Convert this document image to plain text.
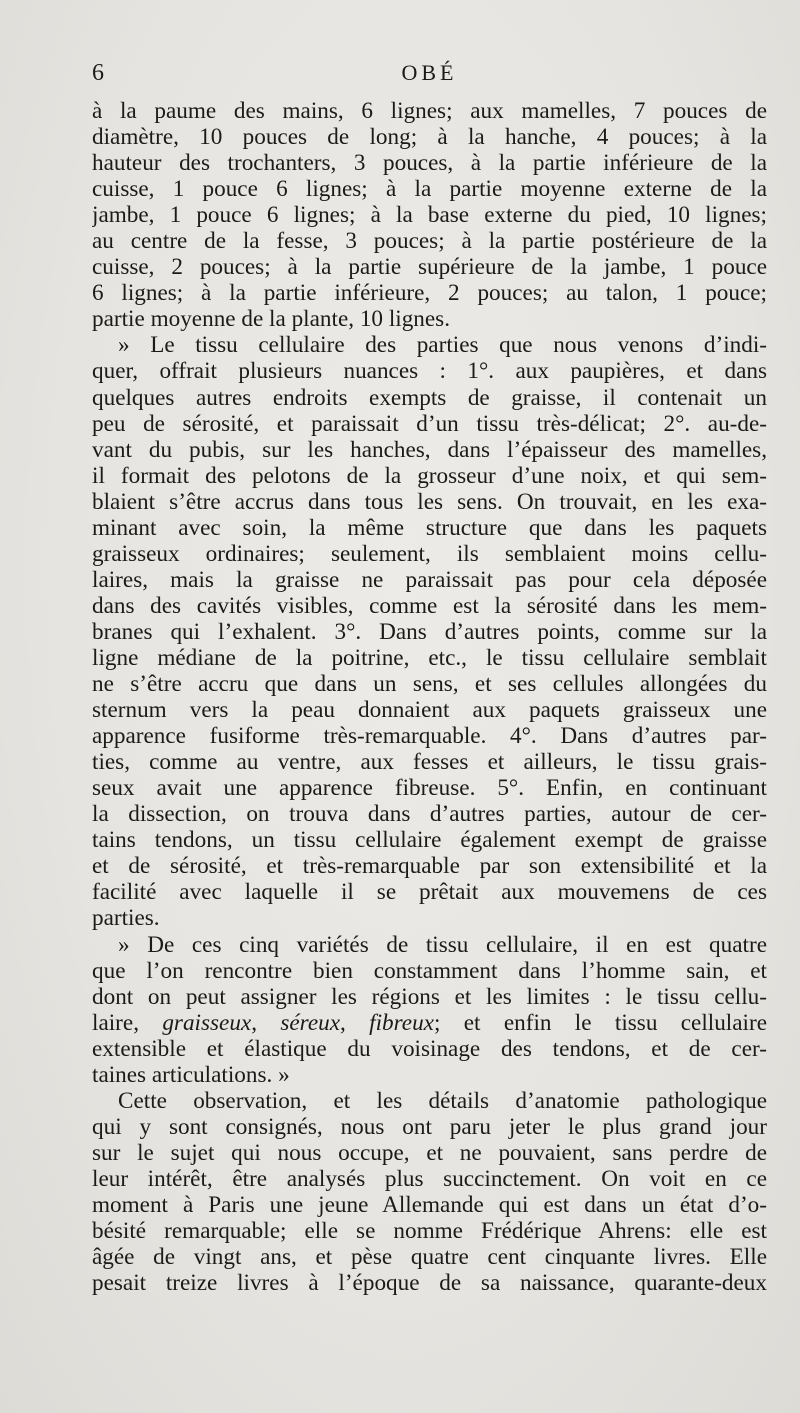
6	OBÉ
à la paume des mains, 6 lignes; aux mamelles, 7 pouces de
diamètre, 10 pouces de long; à la hanche, 4 pouces; à la
hauteur des trochanters, 3 pouces, à la partie inférieure de la
cuisse, 1 pouce 6 lignes; à la partie moyenne externe de la
jambe, 1 pouce 6 lignes; à la base externe du pied, 10 lignes;
au centre de la fesse, 3 pouces; à la partie postérieure de la
cuisse, 2 pouces; à la partie supérieure de la jambe, 1 pouce
6 lignes; à la partie inférieure, 2 pouces; au talon, 1 pouce;
partie moyenne de la plante, 10 lignes.
» Le tissu cellulaire des parties que nous venons d’indi-
quer, offrait plusieurs nuances : 1°. aux paupières, et dans
quelques autres endroits exempts de graisse, il contenait un
peu de sérosité, et paraissait d’un tissu très-délicat; 2°. au-de-
vant du pubis, sur les hanches, dans l’épaisseur des mamelles,
il formait des pelotons de la grosseur d’une noix, et qui sem-
blaient s’être accrus dans tous les sens. On trouvait, en les exa-
minant avec soin, la même structure que dans les paquets
graisseux ordinaires; seulement, ils semblaient moins cellu-
laires, mais la graisse ne paraissait pas pour cela déposée
dans des cavités visibles, comme est la sérosité dans les mem-
branes qui l’exhalent. 3°. Dans d’autres points, comme sur la
ligne médiane de la poitrine, etc., le tissu cellulaire semblait
ne s’être accru que dans un sens, et ses cellules allongées du
sternum vers la peau donnaient aux paquets graisseux une
apparence fusiforme très-remarquable. 4°. Dans d’autres par-
ties, comme au ventre, aux fesses et ailleurs, le tissu grais-
seux avait une apparence fibreuse. 5°. Enfin, en continuant
la dissection, on trouva dans d’autres parties, autour de cer-
tains tendons, un tissu cellulaire également exempt de graisse
et de sérosité, et très-remarquable par son extensibilité et la
facilité avec laquelle il se prêtait aux mouvemens de ces
parties.
» De ces cinq variétés de tissu cellulaire, il en est quatre
que l’on rencontre bien constamment dans l’homme sain, et
dont on peut assigner les régions et les limites : le tissu cellu-
laire, graisseux, séreux, fibreux; et enfin le tissu cellulaire
extensible et élastique du voisinage des tendons, et de cer-
taines articulations. »
Cette observation, et les détails d’anatomie pathologique
qui y sont consignés, nous ont paru jeter le plus grand jour
sur le sujet qui nous occupe, et ne pouvaient, sans perdre de
leur intérêt, être analysés plus succinctement. On voit en ce
moment à Paris une jeune Allemande qui est dans un état d’o-
bésité remarquable; elle se nomme Frédérique Ahrens: elle est
âgée de vingt ans, et pèse quatre cent cinquante livres. Elle
pesait treize livres à l’époque de sa naissance, quarante-deux
